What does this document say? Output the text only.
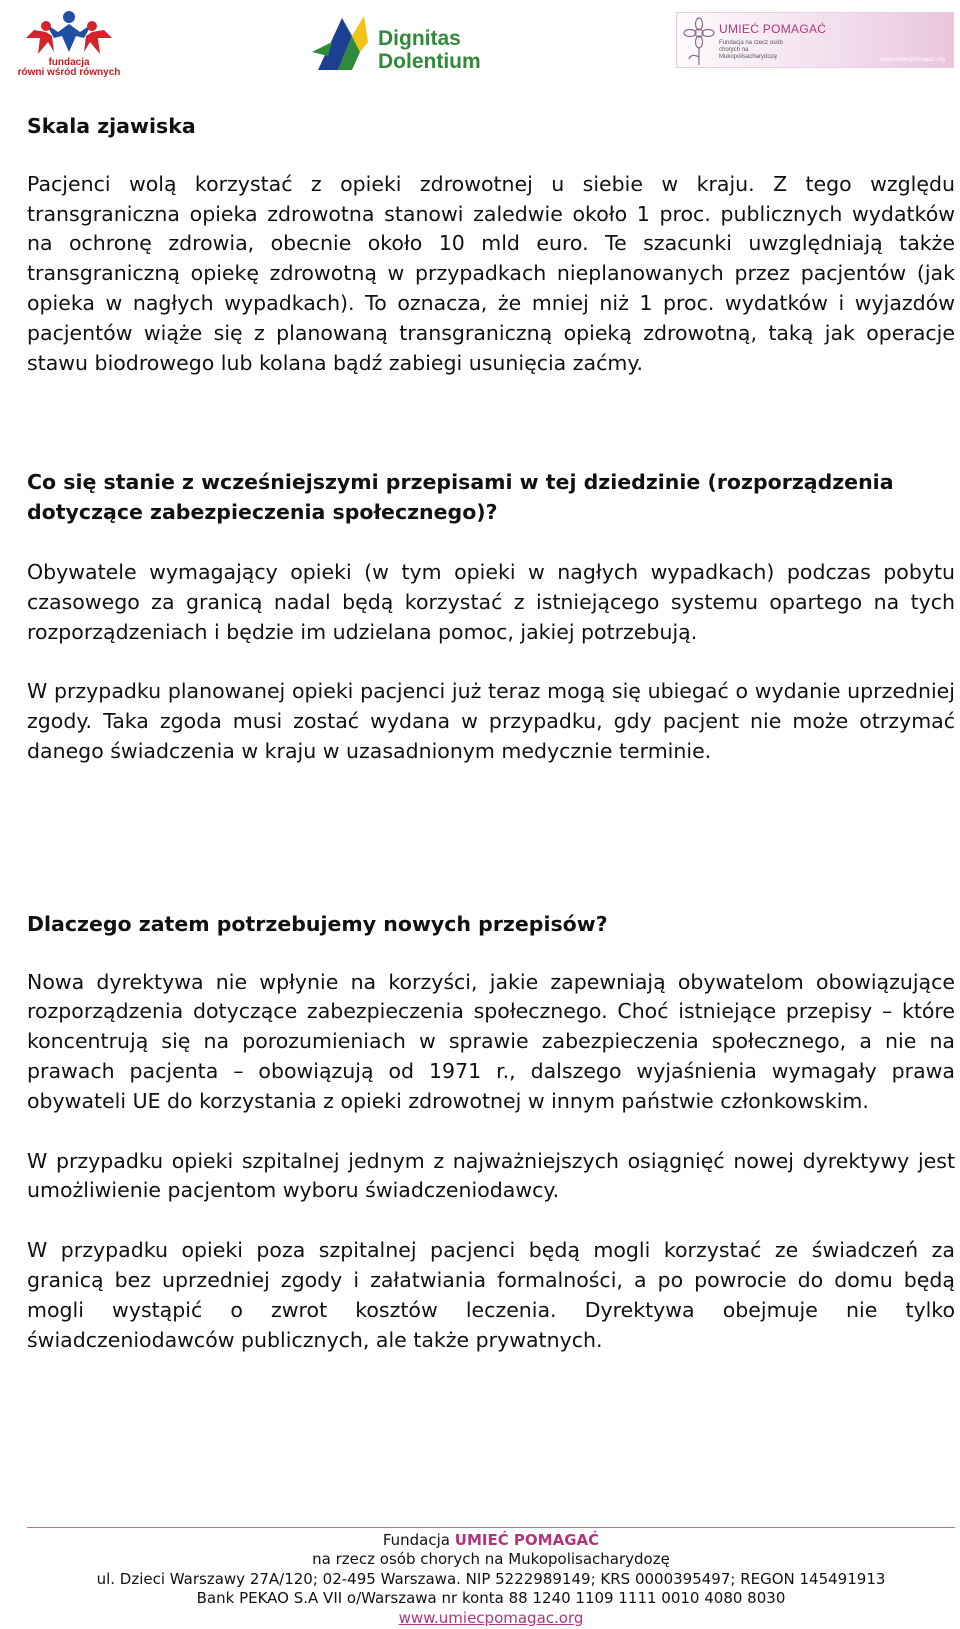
fundacja
równi wśród równych
Dignitas
Dolentium
UMIEĆ POMAGAĆ
Fundacja na rzecz osób chorych na Mukopolisacharydozę	www.umiecpomagac.org
Skala zjawiska

Pacjenci wolą korzystać z opieki zdrowotnej u siebie w kraju. Z tego względu transgraniczna opieka zdrowotna stanowi zaledwie około 1 proc. publicznych wydatków na ochronę zdrowia, obecnie około 10 mld euro. Te szacunki uwzględniają także transgraniczną opiekę zdrowotną w przypadkach nieplanowanych przez pacjentów (jak opieka w nagłych wypadkach). To oznacza, że mniej niż 1 proc. wydatków i wyjazdów pacjentów wiąże się z planowaną transgraniczną opieką zdrowotną, taką jak operacje stawu biodrowego lub kolana bądź zabiegi usunięcia zaćmy.

Co się stanie z wcześniejszymi przepisami w tej dziedzinie (rozporządzenia dotyczące zabezpieczenia społecznego)?

Obywatele wymagający opieki (w tym opieki w nagłych wypadkach) podczas pobytu czasowego za granicą nadal będą korzystać z istniejącego systemu opartego na tych rozporządzeniach i będzie im udzielana pomoc, jakiej potrzebują.

W przypadku planowanej opieki pacjenci już teraz mogą się ubiegać o wydanie uprzedniej zgody. Taka zgoda musi zostać wydana w przypadku, gdy pacjent nie może otrzymać danego świadczenia w kraju w uzasadnionym medycznie terminie.

Dlaczego zatem potrzebujemy nowych przepisów?

Nowa dyrektywa nie wpłynie na korzyści, jakie zapewniają obywatelom obowiązujące rozporządzenia dotyczące zabezpieczenia społecznego. Choć istniejące przepisy – które koncentrują się na porozumieniach w sprawie zabezpieczenia społecznego, a nie na prawach pacjenta – obowiązują od 1971 r., dalszego wyjaśnienia wymagały prawa obywateli UE do korzystania z opieki zdrowotnej w innym państwie członkowskim.

W przypadku opieki szpitalnej jednym z najważniejszych osiągnięć nowej dyrektywy jest umożliwienie pacjentom wyboru świadczeniodawcy.

W przypadku opieki poza szpitalnej pacjenci będą mogli korzystać ze świadczeń za granicą bez uprzedniej zgody i załatwiania formalności, a po powrocie do domu będą mogli wystąpić o zwrot kosztów leczenia. Dyrektywa obejmuje nie tylko świadczeniodawców publicznych, ale także prywatnych.

Fundacja UMIEĆ POMAGAĆ
na rzecz osób chorych na Mukopolisacharydozę
ul. Dzieci Warszawy 27A/120; 02-495 Warszawa. NIP 5222989149; KRS 0000395497; REGON 145491913
Bank PEKAO S.A VII o/Warszawa nr konta 88 1240 1109 1111 0010 4080 8030
www.umiecpomagac.org
